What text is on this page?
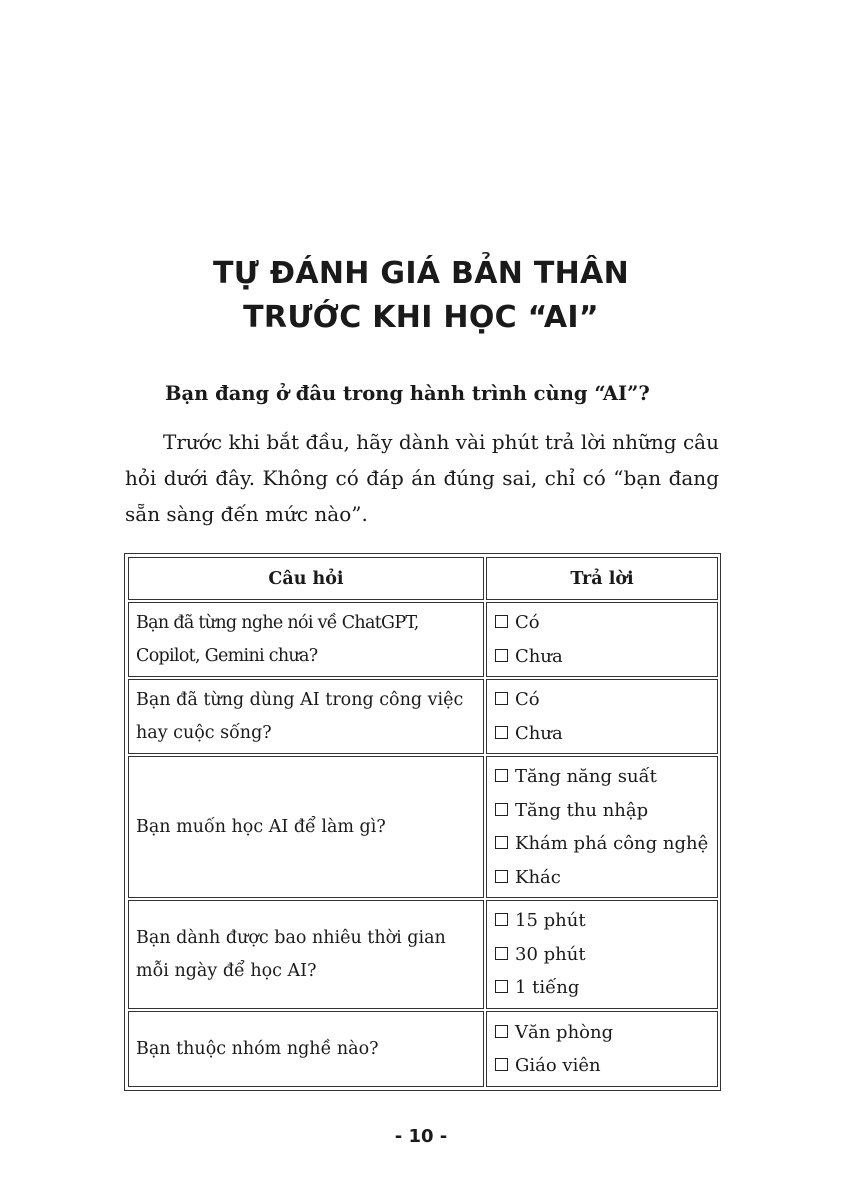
TỰ ĐÁNH GIÁ BẢN THÂN
TRƯỚC KHI HỌC “AI”
Bạn đang ở đâu trong hành trình cùng “AI”?

Trước khi bắt đầu, hãy dành vài phút trả lời những câu hỏi dưới đây. Không có đáp án đúng sai, chỉ có “bạn đang sẵn sàng đến mức nào”.

Câu hỏi	Trả lời
Bạn đã từng nghe nói về ChatGPT, Copilot, Gemini chưa?
Có
Chưa
Bạn đã từng dùng AI trong công việc hay cuộc sống?
Có
Chưa
Bạn muốn học AI để làm gì?
Tăng năng suất
Tăng thu nhập
Khám phá công nghệ
Khác
Bạn dành được bao nhiêu thời gian mỗi ngày để học AI?
15 phút
30 phút
1 tiếng
Bạn thuộc nhóm nghề nào?
Văn phòng
Giáo viên
- 10 -
